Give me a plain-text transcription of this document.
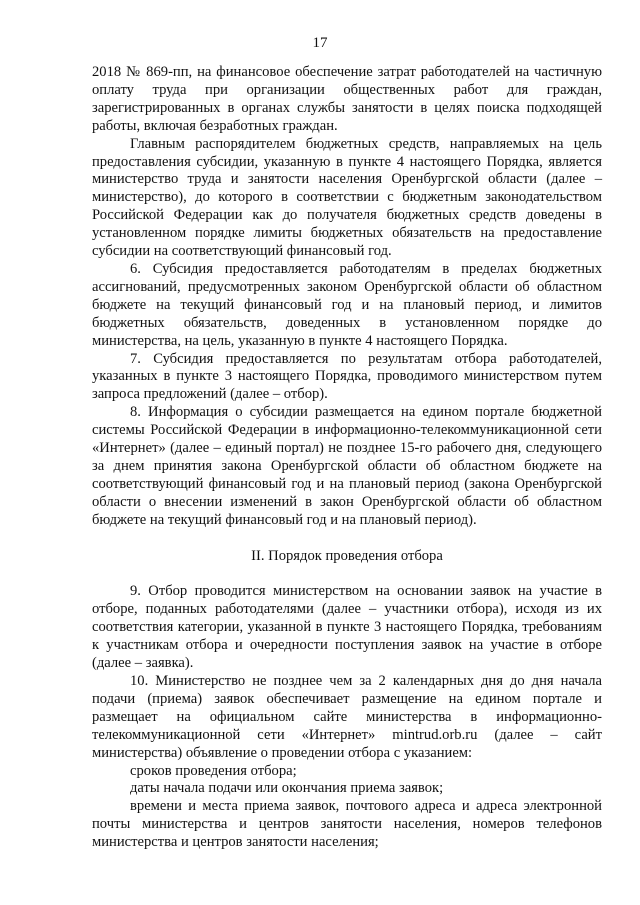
17

2018 № 869-пп, на финансовое обеспечение затрат работодателей на частичную оплату труда при организации общественных работ для граждан, зарегистрированных в органах службы занятости в целях поиска подходящей работы, включая безработных граждан.

Главным распорядителем бюджетных средств, направляемых на цель предоставления субсидии, указанную в пункте 4 настоящего Порядка, является министерство труда и занятости населения Оренбургской области (далее – министерство), до которого в соответствии с бюджетным законодательством Российской Федерации как до получателя бюджетных средств доведены в установленном порядке лимиты бюджетных обязательств на предоставление субсидии на соответствующий финансовый год.

6. Субсидия предоставляется работодателям в пределах бюджетных ассигнований, предусмотренных законом Оренбургской области об областном бюджете на текущий финансовый год и на плановый период, и лимитов бюджетных обязательств, доведенных в установленном порядке до министерства, на цель, указанную в пункте 4 настоящего Порядка.

7. Субсидия предоставляется по результатам отбора работодателей, указанных в пункте 3 настоящего Порядка, проводимого министерством путем запроса предложений (далее – отбор).

8. Информация о субсидии размещается на едином портале бюджетной системы Российской Федерации в информационно-телекоммуникационной сети «Интернет» (далее – единый портал) не позднее 15-го рабочего дня, следующего за днем принятия закона Оренбургской области об областном бюджете на соответствующий финансовый год и на плановый период (закона Оренбургской области о внесении изменений в закон Оренбургской области об областном бюджете на текущий финансовый год и на плановый период).

II. Порядок проведения отбора

9. Отбор проводится министерством на основании заявок на участие в отборе, поданных работодателями (далее – участники отбора), исходя из их соответствия категории, указанной в пункте 3 настоящего Порядка, требованиям к участникам отбора и очередности поступления заявок на участие в отборе (далее – заявка).

10. Министерство не позднее чем за 2 календарных дня до дня начала подачи (приема) заявок обеспечивает размещение на едином портале и размещает на официальном сайте министерства в информационно-телекоммуникационной сети «Интернет» mintrud.orb.ru (далее – сайт министерства) объявление о проведении отбора с указанием:

сроков проведения отбора;

даты начала подачи или окончания приема заявок;

времени и места приема заявок, почтового адреса и адреса электронной почты министерства и центров занятости населения, номеров телефонов министерства и центров занятости населения;
